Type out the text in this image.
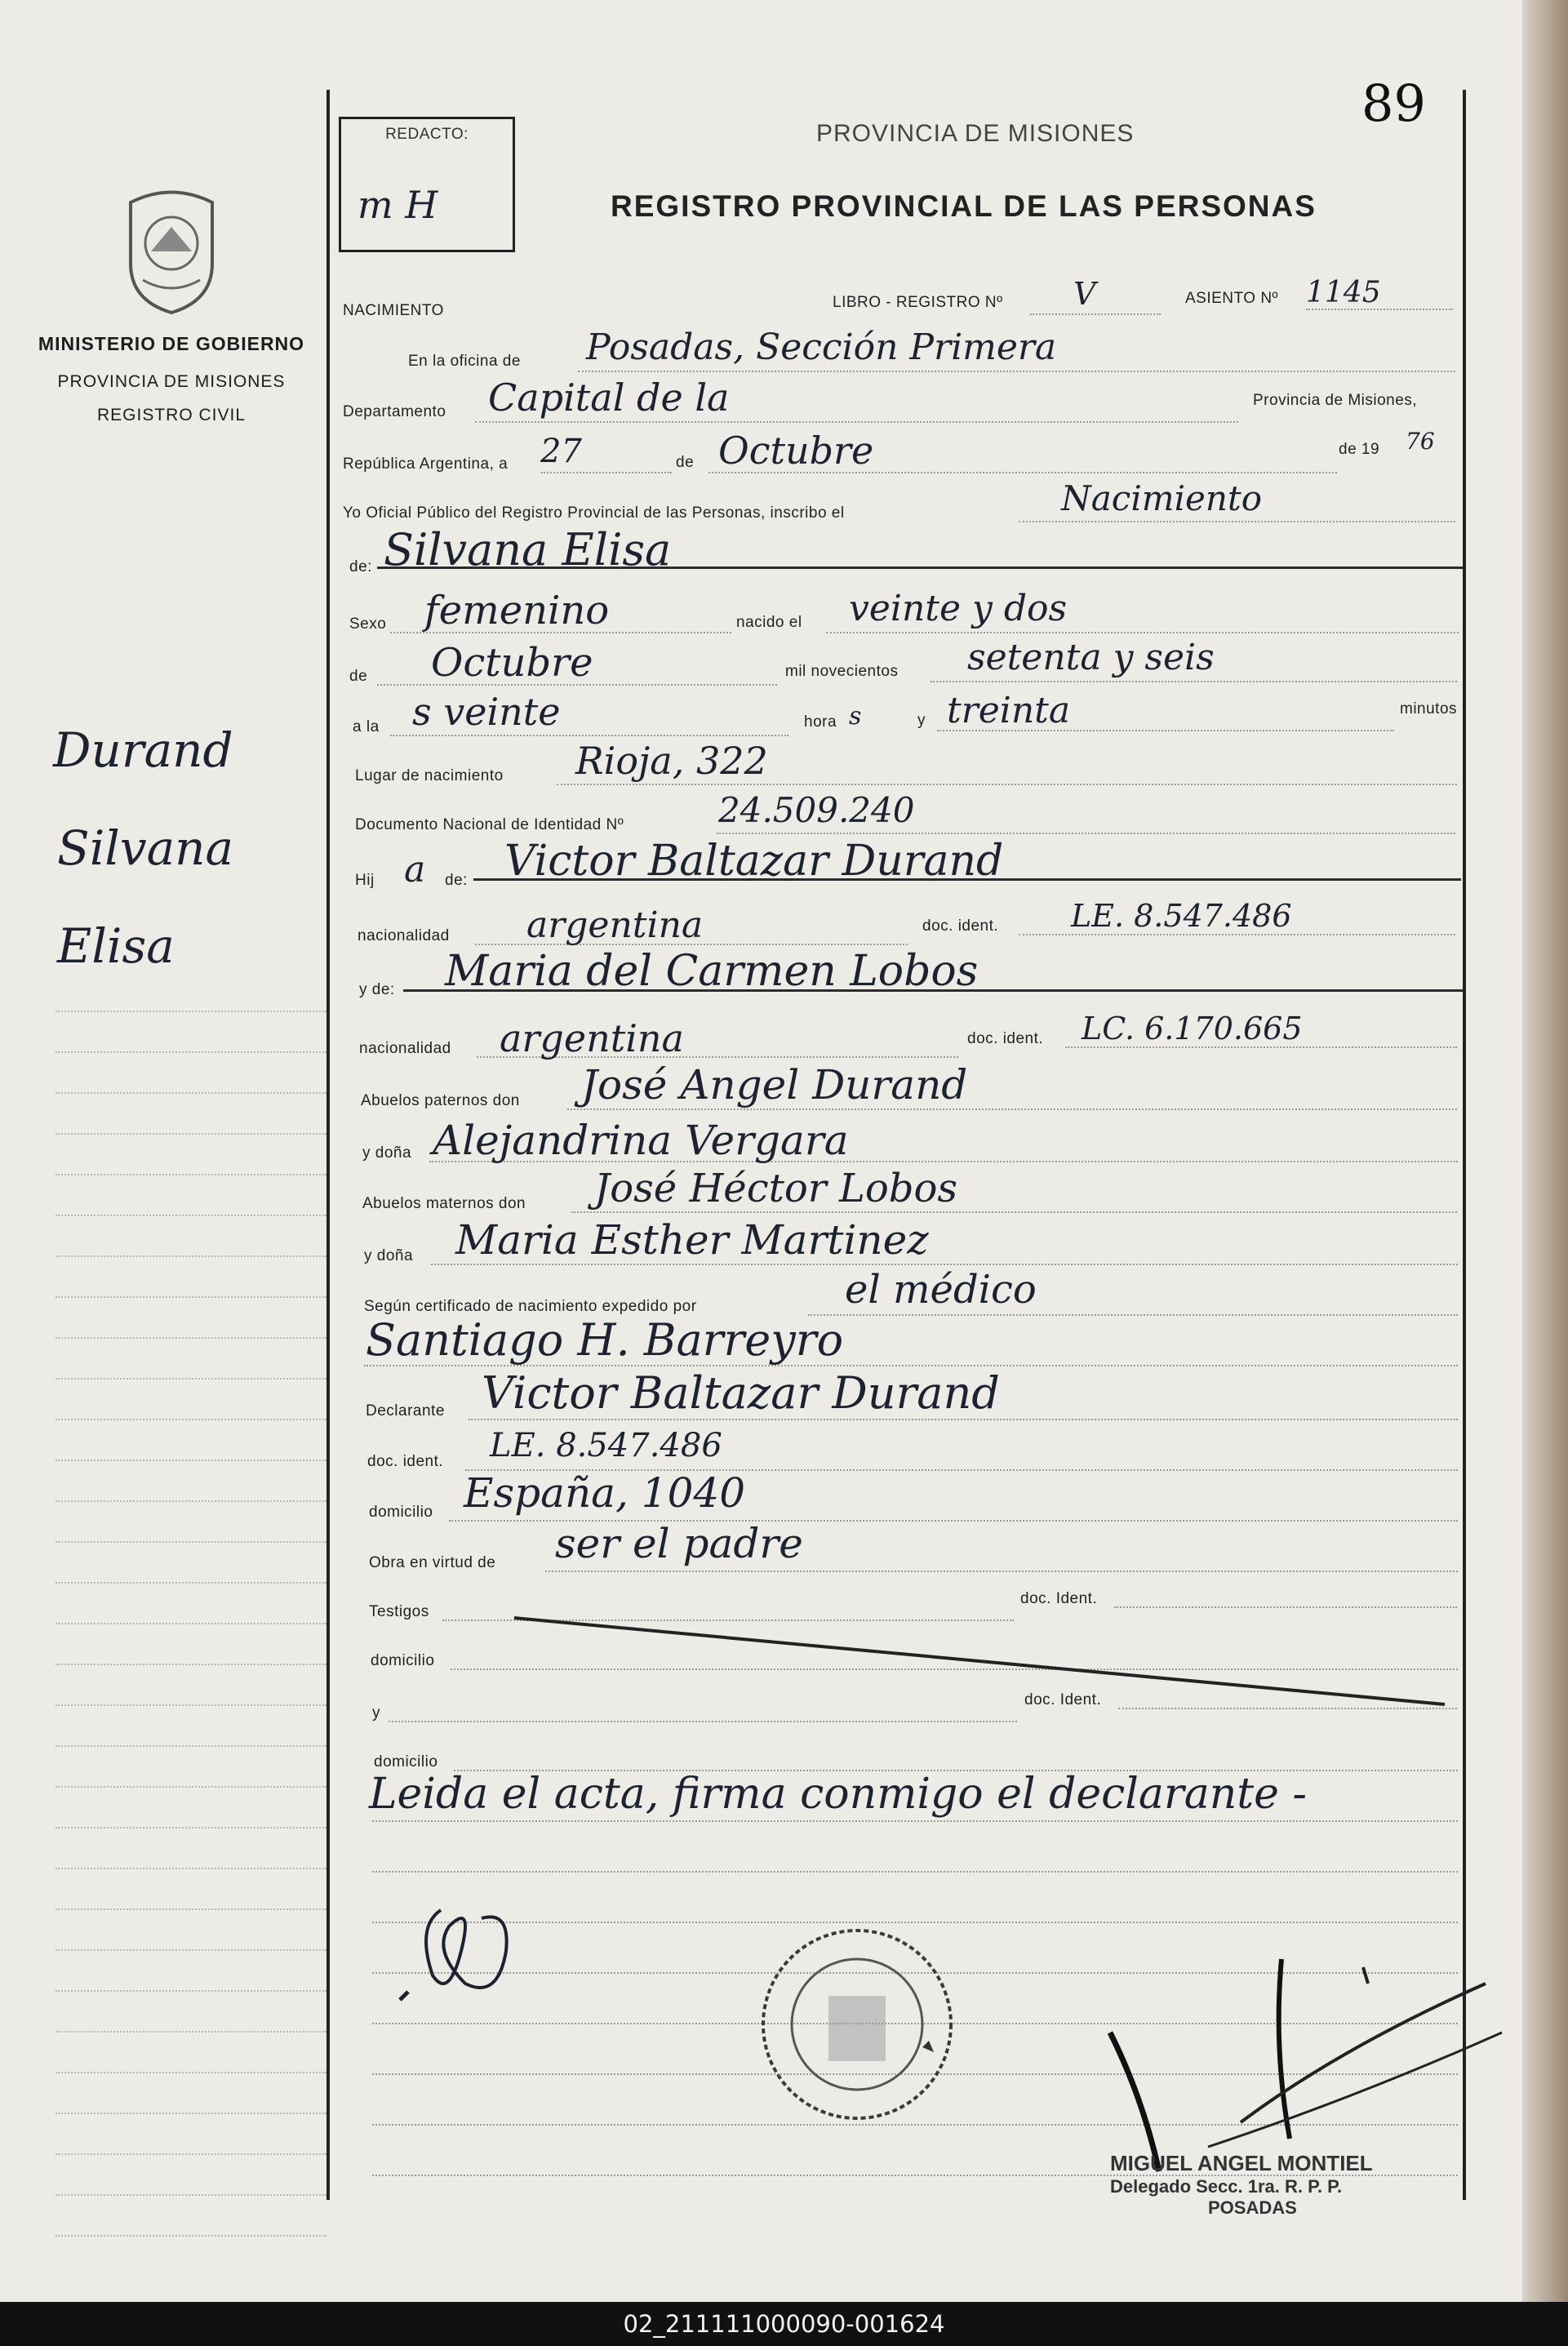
MINISTERIO DE GOBIERNO
PROVINCIA DE MISIONES
REGISTRO CIVIL
Durand
Silvana
Elisa
89
REDACTO:
m H
PROVINCIA DE MISIONES
REGISTRO PROVINCIAL DE LAS PERSONAS
NACIMIENTO	LIBRO - REGISTRO Nº V	ASIENTO Nº 1145
En la oficina de Posadas, Sección Primera
Departamento Capital de la	Provincia de Misiones,
República Argentina, a 27	de Octubre	de 19 76
Yo Oficial Público del Registro Provincial de las Personas, inscribo el	Nacimiento
de: Silvana Elisa
Sexo femenino	nacido el veinte y dos
de Octubre	mil novecientos setenta y seis
a la s veinte	hora s	y treinta	minutos
Lugar de nacimiento Rioja, 322
Documento Nacional de Identidad Nº	24.509.240
Hij a de: Victor Baltazar Durand
nacionalidad argentina	doc. ident. LE. 8.547.486
y de: Maria del Carmen Lobos
nacionalidad argentina	doc. ident. LC. 6.170.665
Abuelos paternos don José Angel Durand
y doña Alejandrina Vergara
Abuelos maternos don José Héctor Lobos
y doña Maria Esther Martinez
Según certificado de nacimiento expedido por	el médico
Santiago H. Barreyro
Declarante Victor Baltazar Durand
doc. ident. LE. 8.547.486
domicilio España, 1040
Obra en virtud de ser el padre
Testigos
doc. Ident.
domicilio
y
doc. Ident.
domicilio
Leida el acta, firma conmigo el declarante -
MIGUEL ANGEL MONTIEL
Delegado Secc. 1ra. R. P. P.
POSADAS
02_211111000090-001624
